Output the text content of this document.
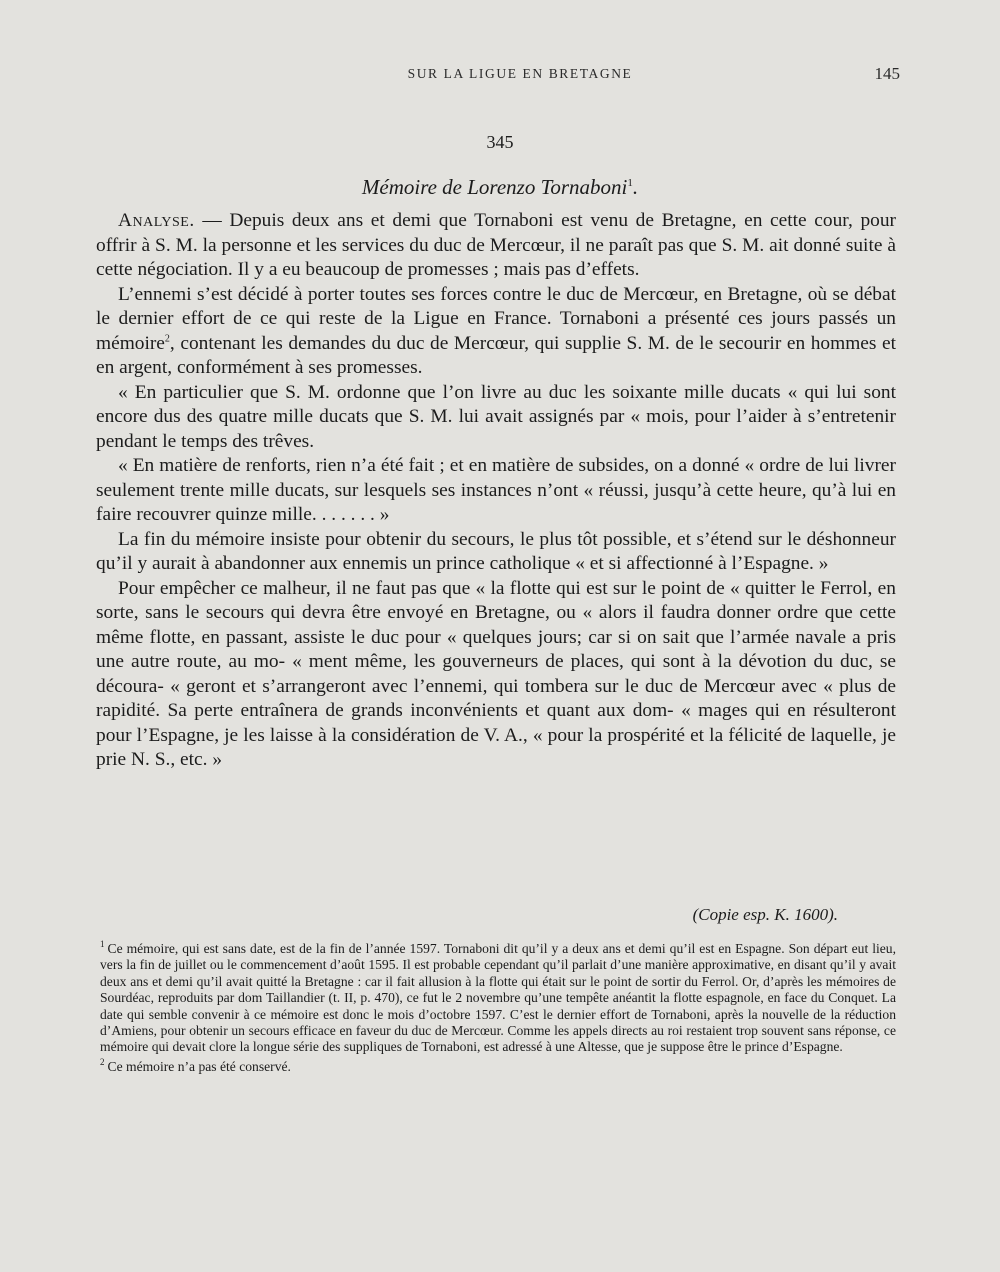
SUR LA LIGUE EN BRETAGNE	145
345
Mémoire de Lorenzo Tornaboni$^1$.

Analyse. — Depuis deux ans et demi que Tornaboni est venu de Bretagne, en cette cour, pour offrir à S. M. la personne et les services du duc de Mercœur, il ne paraît pas que S. M. ait donné suite à cette négociation. Il y a eu beaucoup de promesses ; mais pas d’effets.

L’ennemi s’est décidé à porter toutes ses forces contre le duc de Mercœur, en Bretagne, où se débat le dernier effort de ce qui reste de la Ligue en France. Tornaboni a présenté ces jours passés un mémoire$^2$, contenant les demandes du duc de Mercœur, qui supplie S. M. de le secourir en hommes et en argent, conformément à ses promesses.

« En particulier que S. M. ordonne que l’on livre au duc les soixante mille ducats « qui lui sont encore dus des quatre mille ducats que S. M. lui avait assignés par « mois, pour l’aider à s’entretenir pendant le temps des trêves.

« En matière de renforts, rien n’a été fait ; et en matière de subsides, on a donné « ordre de lui livrer seulement trente mille ducats, sur lesquels ses instances n’ont « réussi, jusqu’à cette heure, qu’à lui en faire recouvrer quinze mille. . . . . . . »

La fin du mémoire insiste pour obtenir du secours, le plus tôt possible, et s’étend sur le déshonneur qu’il y aurait à abandonner aux ennemis un prince catholique « et si affectionné à l’Espagne. »

Pour empêcher ce malheur, il ne faut pas que « la flotte qui est sur le point de « quitter le Ferrol, en sorte, sans le secours qui devra être envoyé en Bretagne, ou « alors il faudra donner ordre que cette même flotte, en passant, assiste le duc pour « quelques jours; car si on sait que l’armée navale a pris une autre route, au mo- « ment même, les gouverneurs de places, qui sont à la dévotion du duc, se découra- « geront et s’arrangeront avec l’ennemi, qui tombera sur le duc de Mercœur avec « plus de rapidité. Sa perte entraînera de grands inconvénients et quant aux dom- « mages qui en résulteront pour l’Espagne, je les laisse à la considération de V. A., « pour la prospérité et la félicité de laquelle, je prie N. S., etc. »

(Copie esp. K. 1600).

$^1$ Ce mémoire, qui est sans date, est de la fin de l’année 1597. Tornaboni dit qu’il y a deux ans et demi qu’il est en Espagne. Son départ eut lieu, vers la fin de juillet ou le commencement d’août 1595. Il est probable cependant qu’il parlait d’une manière approximative, en disant qu’il y avait deux ans et demi qu’il avait quitté la Bretagne : car il fait allusion à la flotte qui était sur le point de sortir du Ferrol. Or, d’après les mémoires de Sourdéac, reproduits par dom Taillandier (t. II, p. 470), ce fut le 2 novembre qu’une tempête anéantit la flotte espagnole, en face du Conquet. La date qui semble convenir à ce mémoire est donc le mois d’octobre 1597. C’est le dernier effort de Tornaboni, après la nouvelle de la réduction d’Amiens, pour obtenir un secours efficace en faveur du duc de Mercœur. Comme les appels directs au roi restaient trop souvent sans réponse, ce mémoire qui devait clore la longue série des suppliques de Tornaboni, est adressé à une Altesse, que je suppose être le prince d’Espagne.

$^2$ Ce mémoire n’a pas été conservé.
